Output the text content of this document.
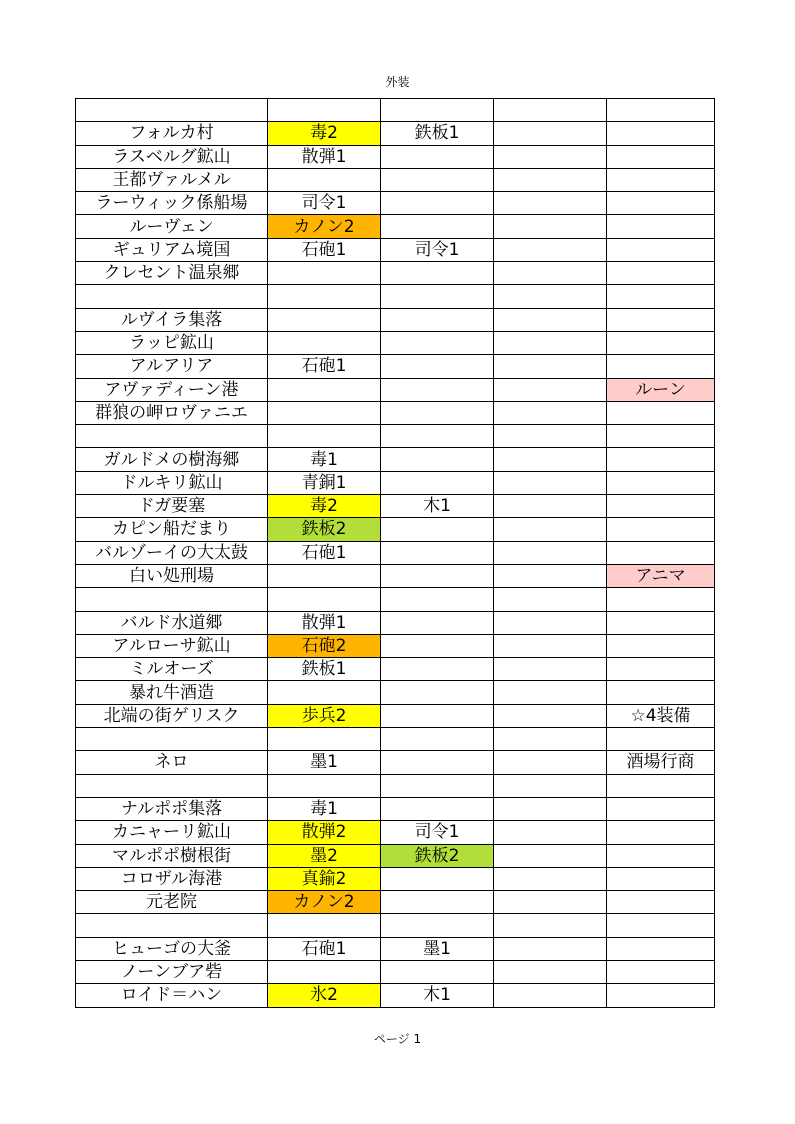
外装

フォルカ村	毒2	鉄板1		
ラスベルグ鉱山	散弾1			
王都ヴァルメル				
ラーウィック係船場	司令1			
ルーヴェン	カノン2			
ギュリアム境国	石砲1	司令1		
クレセント温泉郷				

ルヴイラ集落				
ラッピ鉱山				
アルアリア	石砲1			
アヴァディーン港				ルーン
群狼の岬ロヴァニエ				

ガルドメの樹海郷	毒1			
ドルキリ鉱山	青銅1			
ドガ要塞	毒2	木1		
カピン船だまり	鉄板2			
バルゾーイの大太鼓	石砲1			
白い処刑場				アニマ

バルド水道郷	散弾1			
アルローサ鉱山	石砲2			
ミルオーズ	鉄板1			
暴れ牛酒造				
北端の街ゲリスク	歩兵2			☆4装備

ネロ	墨1			酒場行商

ナルポポ集落	毒1			
カニャーリ鉱山	散弾2	司令1		
マルポポ樹根街	墨2	鉄板2		
コロザル海港	真鍮2			
元老院	カノン2			

ヒューゴの大釜	石砲1	墨1		
ノーンブア砦				
ロイド＝ハン	氷2	木1		
ページ 1
